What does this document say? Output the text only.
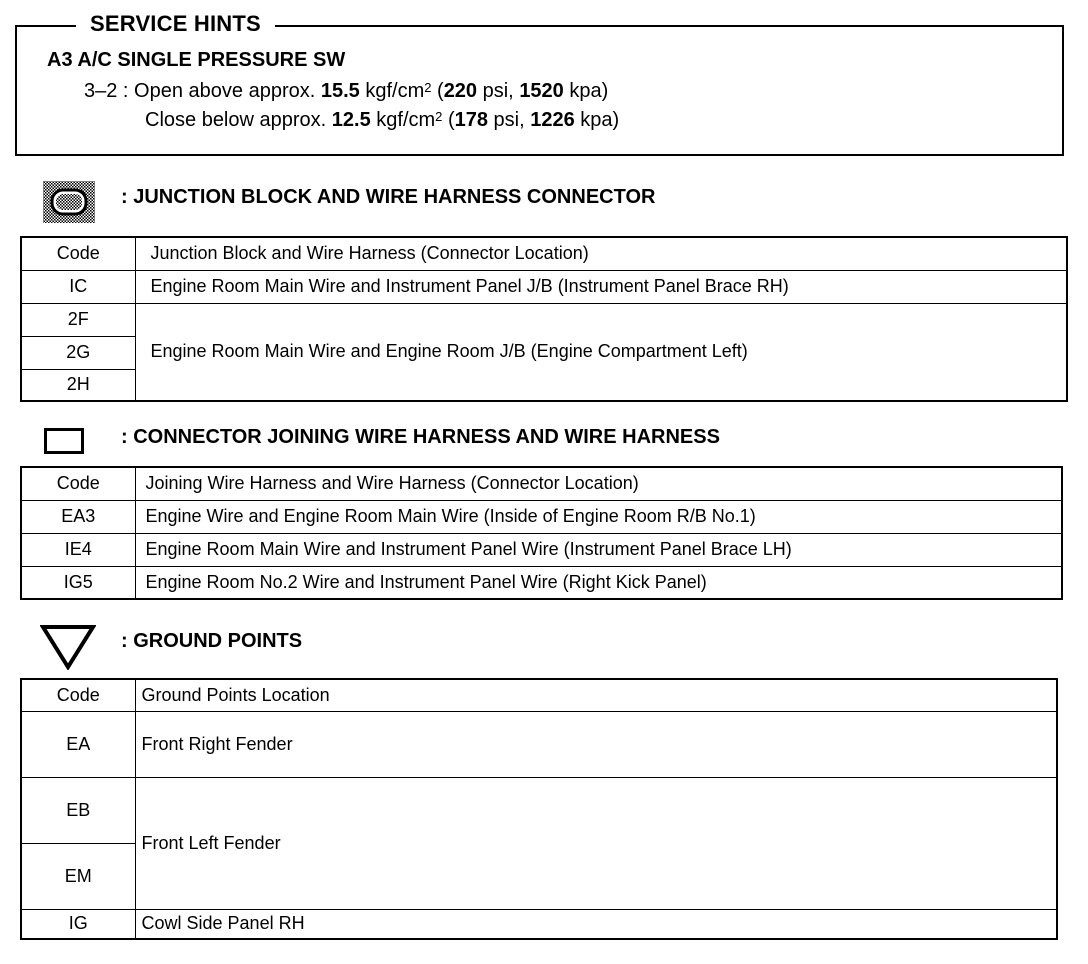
SERVICE HINTS
A3 A/C SINGLE PRESSURE SW
3–2 : Open above approx. 15.5 kgf/$cm^2$ (220 psi, 1520 kpa)
Close below approx. 12.5 kgf/$cm^2$ (178 psi, 1226 kpa)
: JUNCTION BLOCK AND WIRE HARNESS CONNECTOR
Code	Junction Block and Wire Harness (Connector Location)
IC	Engine Room Main Wire and Instrument Panel J/B (Instrument Panel Brace RH)
2F	Engine Room Main Wire and Engine Room J/B (Engine Compartment Left)
2G	
2H	
: CONNECTOR JOINING WIRE HARNESS AND WIRE HARNESS
Code	Joining Wire Harness and Wire Harness (Connector Location)
EA3	Engine Wire and Engine Room Main Wire (Inside of Engine Room R/B No.1)
IE4	Engine Room Main Wire and Instrument Panel Wire (Instrument Panel Brace LH)
IG5	Engine Room No.2 Wire and Instrument Panel Wire (Right Kick Panel)
: GROUND POINTS
Code	Ground Points Location
EA	Front Right Fender
EB	Front Left Fender
EM	
IG	Cowl Side Panel RH
